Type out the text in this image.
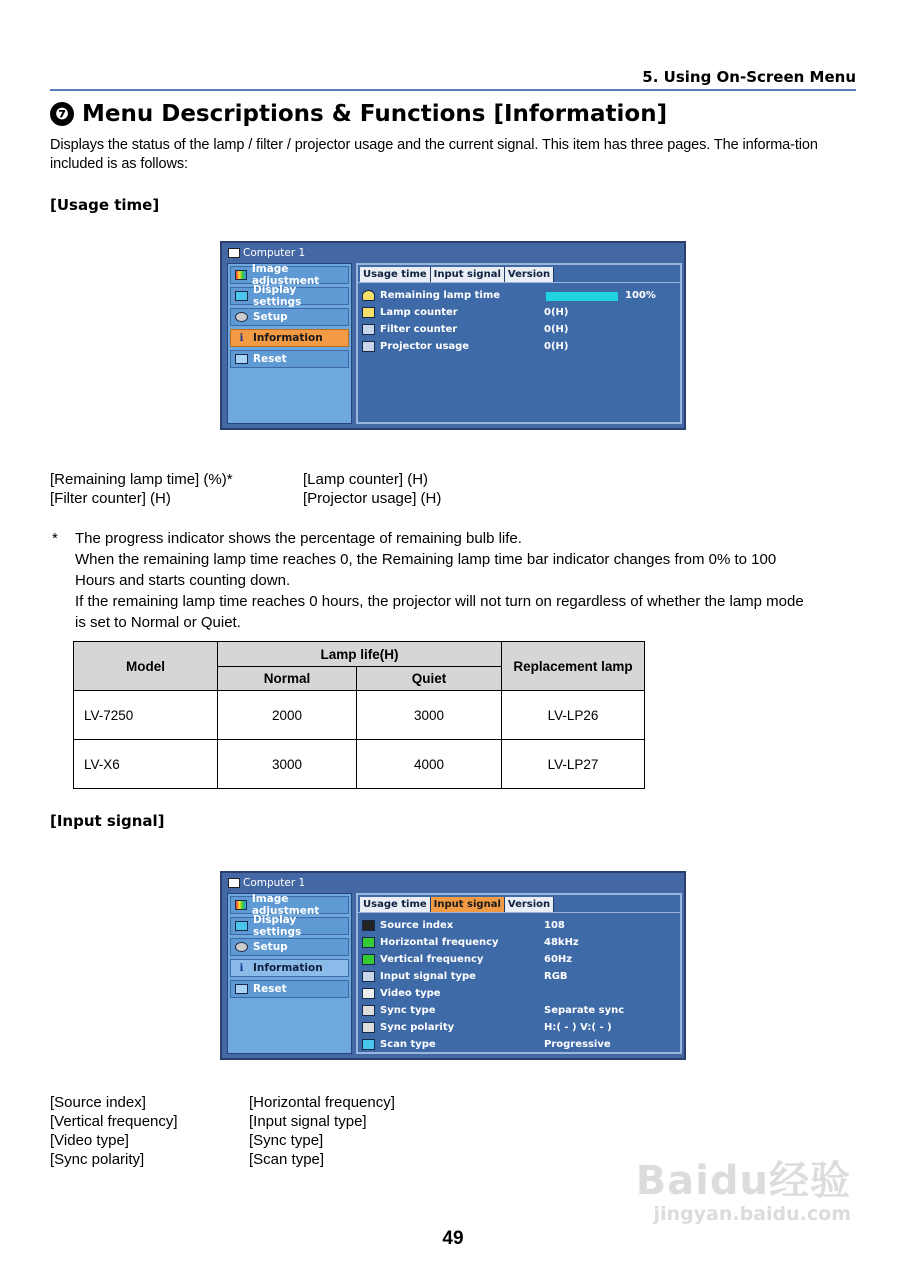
5. Using On-Screen Menu
❼ Menu Descriptions & Functions [Information]
Displays the status of the lamp / filter / projector usage and the current signal. This item has three pages. The informa-tion included is as follows:
[Usage time]
Computer 1
Image adjustment
Display settings
Setup
i Information
Reset
Usage time Input signal Version
Remaining lamp time	100%
Lamp counter	0(H)
Filter counter	0(H)
Projector usage	0(H)
[Remaining lamp time] (%)*	[Lamp counter] (H)
[Filter counter] (H)	[Projector usage] (H)
* The progress indicator shows the percentage of remaining bulb life.
When the remaining lamp time reaches 0, the Remaining lamp time bar indicator changes from 0% to 100
Hours and starts counting down.
If the remaining lamp time reaches 0 hours, the projector will not turn on regardless of whether the lamp mode
is set to Normal or Quiet.
Model	Lamp life(H)		Replacement lamp
	Normal	Quiet	
LV-7250	2000	3000	LV-LP26
LV-X6	3000	4000	LV-LP27
[Input signal]
Computer 1
Image adjustment
Display settings
Setup
i Information
Reset
Usage time Input signal Version
Source index	108
Horizontal frequency	48kHz
Vertical frequency	60Hz
Input signal type	RGB
Video type
Sync type	Separate sync
Sync polarity	H:( - ) V:( - )
Scan type	Progressive
[Source index]	[Horizontal frequency]
[Vertical frequency]	[Input signal type]
[Video type]	[Sync type]
[Sync polarity]	[Scan type]	Baidu经验
jingyan.baidu.com
49
